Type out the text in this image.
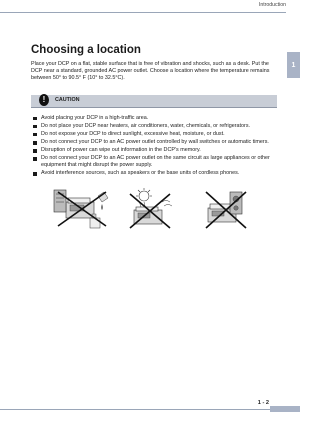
Introduction
1
Choosing a location

Place your DCP on a flat, stable surface that is free of vibration and shocks, such as a desk. Put the DCP near a standard, grounded AC power outlet. Choose a location where the temperature remains between 50° to 90.5° F (10° to 32.5°C).

!	CAUTION
Avoid placing your DCP in a high-traffic area.
Do not place your DCP near heaters, air conditioners, water, chemicals, or refrigerators.
Do not expose your DCP to direct sunlight, excessive heat, moisture, or dust.
Do not connect your DCP to an AC power outlet controlled by wall switches or automatic timers.
Disruption of power can wipe out information in the DCP’s memory.
Do not connect your DCP to an AC power outlet on the same circuit as large appliances or other equipment that might disrupt the power supply.
Avoid interference sources, such as speakers or the base units of cordless phones.
1 - 2
